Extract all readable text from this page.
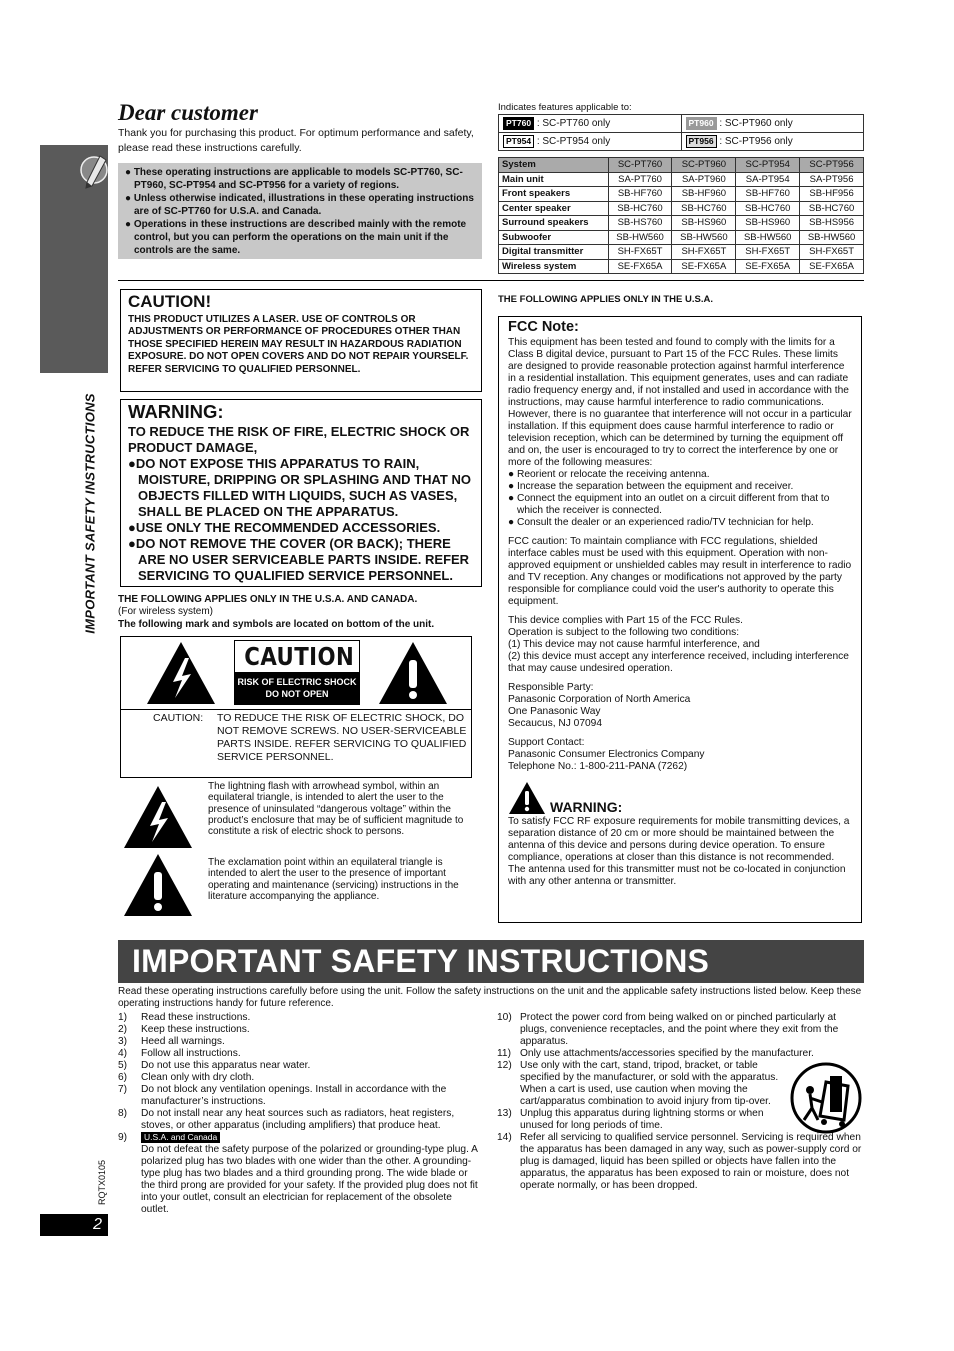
IMPORTANT SAFETY INSTRUCTIONS
RQTX0105
2
Dear customer
Thank you for purchasing this product. For optimum performance and safety, please read these instructions carefully.

● These operating instructions are applicable to models SC-PT760, SC-PT960, SC-PT954 and SC-PT956 for a variety of regions.

● Unless otherwise indicated, illustrations in these operating instructions are of SC-PT760 for U.S.A. and Canada.

● Operations in these instructions are described mainly with the remote control, but you can perform the operations on the main unit if the controls are the same.

Indicates features applicable to:
PT760 : SC-PT760 only	PT960 : SC-PT960 only
PT954 : SC-PT954 only	PT956 : SC-PT956 only
System	SC-PT760	SC-PT960	SC-PT954	SC-PT956
Main unit	SA-PT760	SA-PT960	SA-PT954	SA-PT956
Front speakers	SB-HF760	SB-HF960	SB-HF760	SB-HF956
Center speaker	SB-HC760	SB-HC760	SB-HC760	SB-HC760
Surround speakers	SB-HS760	SB-HS960	SB-HS960	SB-HS956
Subwoofer	SB-HW560	SB-HW560	SB-HW560	SB-HW560
Digital transmitter	SH-FX65T	SH-FX65T	SH-FX65T	SH-FX65T
Wireless system	SE-FX65A	SE-FX65A	SE-FX65A	SE-FX65A
CAUTION!

THIS PRODUCT UTILIZES A LASER. USE OF CONTROLS OR ADJUSTMENTS OR PERFORMANCE OF PROCEDURES OTHER THAN THOSE SPECIFIED HEREIN MAY RESULT IN HAZARDOUS RADIATION EXPOSURE. DO NOT OPEN COVERS AND DO NOT REPAIR YOURSELF. REFER SERVICING TO QUALIFIED PERSONNEL.

WARNING:

TO REDUCE THE RISK OF FIRE, ELECTRIC SHOCK OR PRODUCT DAMAGE,

●DO NOT EXPOSE THIS APPARATUS TO RAIN, MOISTURE, DRIPPING OR SPLASHING AND THAT NO OBJECTS FILLED WITH LIQUIDS, SUCH AS VASES, SHALL BE PLACED ON THE APPARATUS.

●USE ONLY THE RECOMMENDED ACCESSORIES.

●DO NOT REMOVE THE COVER (OR BACK); THERE ARE NO USER SERVICEABLE PARTS INSIDE. REFER SERVICING TO QUALIFIED SERVICE PERSONNEL.

THE FOLLOWING APPLIES ONLY IN THE U.S.A. AND CANADA.
(For wireless system)
The following mark and symbols are located on bottom of the unit.
CAUTION
RISK OF ELECTRIC SHOCK DO NOT OPEN
CAUTION: TO REDUCE THE RISK OF ELECTRIC SHOCK, DO NOT REMOVE SCREWS. NO USER-SERVICEABLE PARTS INSIDE. REFER SERVICING TO QUALIFIED SERVICE PERSONNEL.
The lightning flash with arrowhead symbol, within an equilateral triangle, is intended to alert the user to the presence of uninsulated “dangerous voltage” within the product’s enclosure that may be of sufficient magnitude to constitute a risk of electric shock to persons.
The exclamation point within an equilateral triangle is intended to alert the user to the presence of important operating and maintenance (servicing) instructions in the literature accompanying the appliance.
THE FOLLOWING APPLIES ONLY IN THE U.S.A.
FCC Note:

This equipment has been tested and found to comply with the limits for a Class B digital device, pursuant to Part 15 of the FCC Rules. These limits are designed to provide reasonable protection against harmful interference in a residential installation. This equipment generates, uses and can radiate radio frequency energy and, if not installed and used in accordance with the instructions, may cause harmful interference to radio communications.

However, there is no guarantee that interference will not occur in a particular installation. If this equipment does cause harmful interference to radio or television reception, which can be determined by turning the equipment off and on, the user is encouraged to try to correct the interference by one or more of the following measures:

● Reorient or relocate the receiving antenna.

● Increase the separation between the equipment and receiver.

● Connect the equipment into an outlet on a circuit different from that to which the receiver is connected.

● Consult the dealer or an experienced radio/TV technician for help.

FCC caution: To maintain compliance with FCC regulations, shielded interface cables must be used with this equipment. Operation with non-approved equipment or unshielded cables may result in interference to radio and TV reception. Any changes or modifications not approved by the party responsible for compliance could void the user's authority to operate this equipment.

This device complies with Part 15 of the FCC Rules.

Operation is subject to the following two conditions:

(1) This device may not cause harmful interference, and

(2) this device must accept any interference received, including interference that may cause undesired operation.

Responsible Party:

Panasonic Corporation of North America

One Panasonic Way

Secaucus, NJ 07094

Support Contact:

Panasonic Consumer Electronics Company

Telephone No.: 1-800-211-PANA (7262)

WARNING:

To satisfy FCC RF exposure requirements for mobile transmitting devices, a separation distance of 20 cm or more should be maintained between the antenna of this device and persons during device operation. To ensure compliance, operations at closer than this distance is not recommended. The antenna used for this transmitter must not be co-located in conjunction with any other antenna or transmitter.

IMPORTANT SAFETY INSTRUCTIONS
Read these operating instructions carefully before using the unit. Follow the safety instructions on the unit and the applicable safety instructions listed below. Keep these operating instructions handy for future reference.
1)	Read these instructions.
2)	Keep these instructions.
3)	Heed all warnings.
4)	Follow all instructions.
5)	Do not use this apparatus near water.
6)	Clean only with dry cloth.
7)	Do not block any ventilation openings. Install in accordance with the manufacturer’s instructions.
8)	Do not install near any heat sources such as radiators, heat registers, stoves, or other apparatus (including amplifiers) that produce heat.
9)	U.S.A. and Canada
Do not defeat the safety purpose of the polarized or grounding-type plug. A polarized plug has two blades with one wider than the other. A grounding-type plug has two blades and a third grounding prong. The wide blade or the third prong are provided for your safety. If the provided plug does not fit into your outlet, consult an electrician for replacement of the obsolete outlet.
10) Protect the power cord from being walked on or pinched particularly at plugs, convenience receptacles, and the point where they exit from the apparatus.
11) Only use attachments/accessories specified by the manufacturer.
12) Use only with the cart, stand, tripod, bracket, or table specified by the manufacturer, or sold with the apparatus. When a cart is used, use caution when moving the cart/apparatus combination to avoid injury from tip-over.
13) Unplug this apparatus during lightning storms or when unused for long periods of time.
14) Refer all servicing to qualified service personnel. Servicing is required when the apparatus has been damaged in any way, such as power-supply cord or plug is damaged, liquid has been spilled or objects have fallen into the apparatus, the apparatus has been exposed to rain or moisture, does not operate normally, or has been dropped.
